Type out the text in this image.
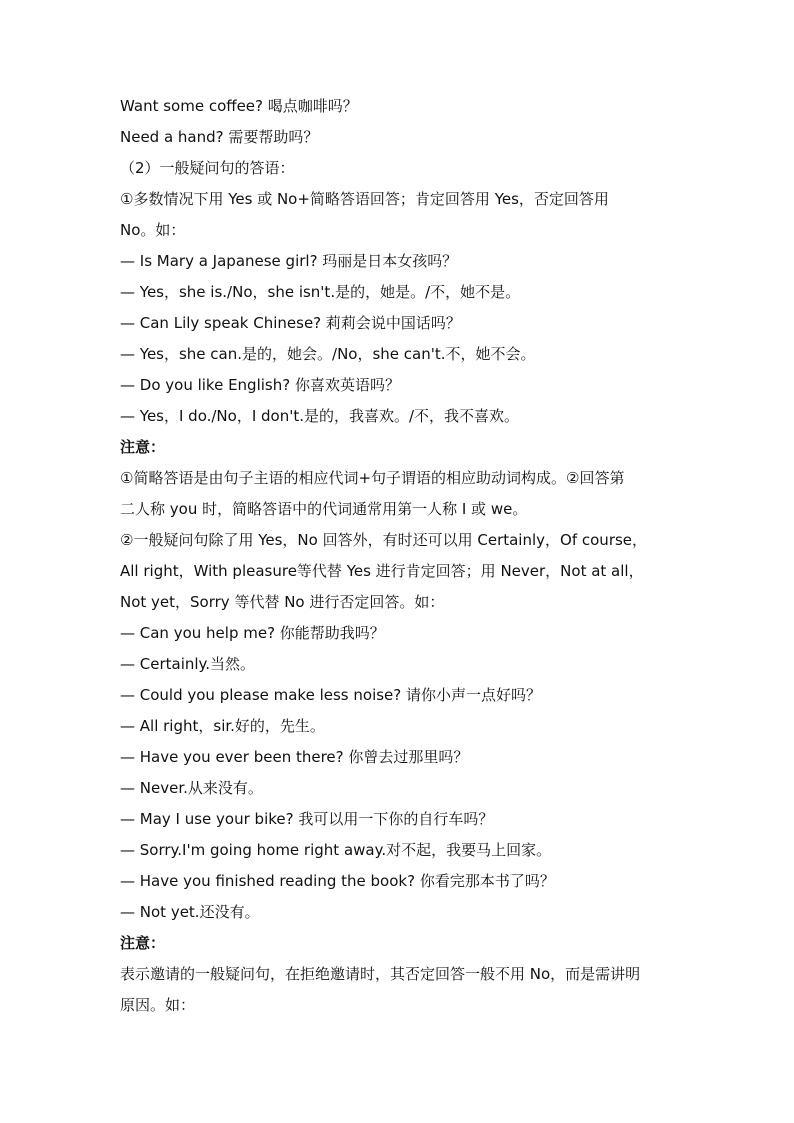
Want some coffee? 喝点咖啡吗？
Need a hand? 需要帮助吗？
（2）一般疑问句的答语：
①多数情况下用 Yes 或 No+简略答语回答；肯定回答用 Yes，否定回答用
No。如：
— Is Mary a Japanese girl? 玛丽是日本女孩吗？
— Yes，she is./No，she isn't.是的，她是。/不，她不是。
— Can Lily speak Chinese? 莉莉会说中国话吗？
— Yes，she can.是的，她会。/No，she can't.不，她不会。
— Do you like English? 你喜欢英语吗？
— Yes，I do./No，I don't.是的，我喜欢。/不，我不喜欢。
注意：
①简略答语是由句子主语的相应代词+句子谓语的相应助动词构成。②回答第
二人称 you 时，简略答语中的代词通常用第一人称 I 或 we。
②一般疑问句除了用 Yes，No 回答外，有时还可以用 Certainly，Of course，
All right，With pleasure等代替 Yes 进行肯定回答；用 Never，Not at all，
Not yet，Sorry 等代替 No 进行否定回答。如：
— Can you help me? 你能帮助我吗？
— Certainly.当然。
— Could you please make less noise? 请你小声一点好吗？
— All right，sir.好的，先生。
— Have you ever been there? 你曾去过那里吗？
— Never.从来没有。
— May I use your bike? 我可以用一下你的自行车吗？
— Sorry.I'm going home right away.对不起，我要马上回家。
— Have you finished reading the book? 你看完那本书了吗？
— Not yet.还没有。
注意：
表示邀请的一般疑问句，在拒绝邀请时，其否定回答一般不用 No，而是需讲明
原因。如：
